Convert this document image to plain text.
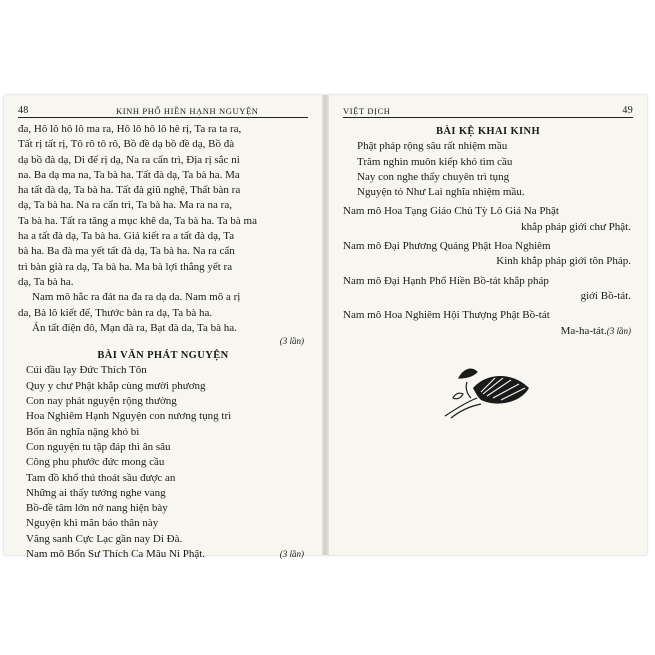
48	KINH PHỔ HIỀN HẠNH NGUYỆN
đa, Hô lô hô lô ma ra, Hô lô hô lô hê rị, Ta ra ta ra,
Tất rị tất rị, Tô rô tô rô, Bồ đề dạ bồ đề dạ, Bồ đà
dạ bồ đà dạ, Di đế rị dạ, Na ra cẩn trì, Địa rị sắc ni
na. Ba dạ ma na, Ta bà ha. Tất đà dạ, Ta bà ha. Ma
ha tất đà dạ, Ta bà ha. Tất đà giũ nghệ, Thất bàn ra
dạ, Ta bà ha. Na ra cẩn trì, Ta bà ha. Ma ra na ra,
Ta bà ha. Tất ra tăng a mục khê da, Ta bà ha. Ta bà ma
ha a tất đà dạ, Ta bà ha. Giả kiết ra a tất đà dạ, Ta
bà ha. Ba đà ma yết tất đà dạ, Ta bà ha. Na ra cẩn
trì bàn già ra dạ, Ta bà ha. Ma bà lợi thắng yết ra
dạ, Ta bà ha.
Nam mô hắc ra đát na đa ra dạ da. Nam mô a rị
da, Bà lô kiết đế, Thước bàn ra dạ, Ta bà ha.
Án tất điện đô, Mạn đà ra, Bạt đà da, Ta bà ha.
(3 lần)
BÀI VĂN PHÁT NGUYỆN
Cúi đầu lạy Đức Thích Tôn
Quy y chư Phật khắp cùng mười phương
Con nay phát nguyện rộng thường
Hoa Nghiêm Hạnh Nguyện con nương tụng trì
Bốn ân nghĩa nặng khó bì
Con nguyện tu tập đáp thì ân sâu
Công phu phước đức mong cầu
Tam đồ khổ thú thoát sầu được an
Những ai thấy tướng nghe vang
Bồ-đề tâm lớn nở nang hiện bày
Nguyện khi mãn báo thân này
Vãng sanh Cực Lạc gần nay Di Đà.
Nam mô Bổn Sư Thích Ca Mâu Ni Phật.	(3 lần)
VIỆT DỊCH	49
BÀI KỆ KHAI KINH
Phật pháp rộng sâu rất nhiệm mầu
Trăm nghìn muôn kiếp khó tìm cầu
Nay con nghe thấy chuyên trì tụng
Nguyện tỏ Như Lai nghĩa nhiệm mầu.
Nam mô Hoa Tạng Giáo Chủ Tỳ Lô Giá Na Phật
khắp pháp giới chư Phật.
Nam mô Đại Phương Quảng Phật Hoa Nghiêm
Kinh khắp pháp giới tôn Pháp.
Nam mô Đại Hạnh Phổ Hiền Bồ-tát khắp pháp
giới Bồ-tát.
Nam mô Hoa Nghiêm Hội Thượng Phật Bồ-tát
Ma-ha-tát.(3 lần)
